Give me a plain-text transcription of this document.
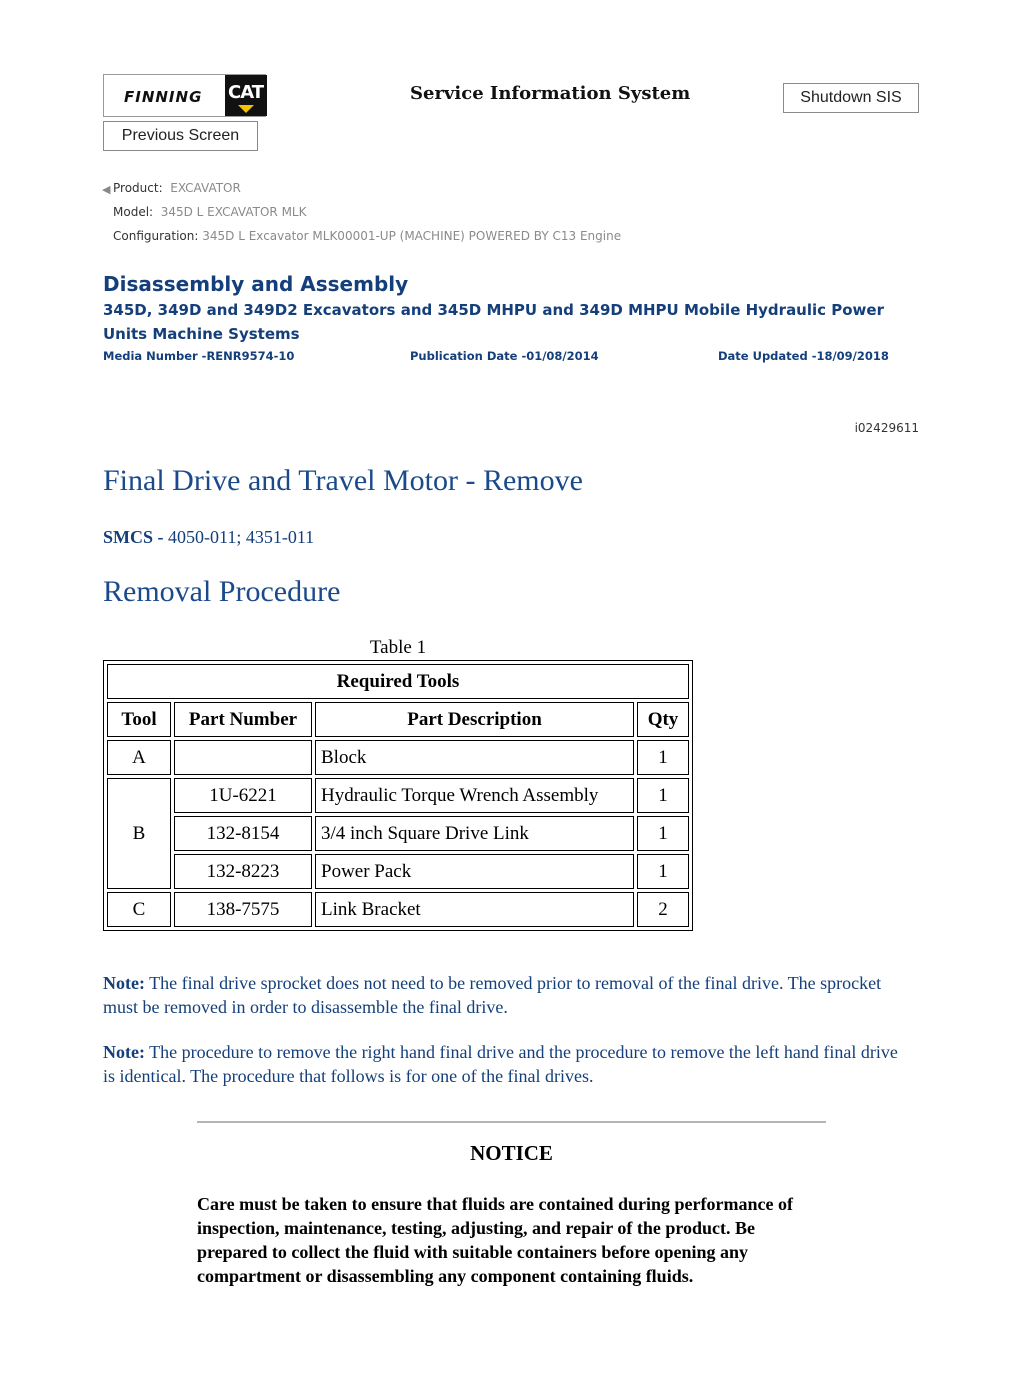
FINNING CAT	Service Information System	Shutdown SIS
Previous Screen
◀ Product: EXCAVATOR
Model: 345D L EXCAVATOR MLK
Configuration: 345D L Excavator MLK00001-UP (MACHINE) POWERED BY C13 Engine
Disassembly and Assembly
345D, 349D and 349D2 Excavators and 345D MHPU and 349D MHPU Mobile Hydraulic Power Units Machine Systems
Media Number -RENR9574-10	Publication Date -01/08/2014	Date Updated -18/09/2018
i02429611
Final Drive and Travel Motor - Remove
SMCS - 4050-011; 4351-011
Removal Procedure
Table 1
Required Tools			
Tool	Part Number	Part Description	Qty
A		Block	1
B	1U-6221	Hydraulic Torque Wrench Assembly	1
	132-8154	3/4 inch Square Drive Link	1
	132-8223	Power Pack	1
C	138-7575	Link Bracket	2
Note: The final drive sprocket does not need to be removed prior to removal of the final drive. The sprocket must be removed in order to disassemble the final drive.
Note: The procedure to remove the right hand final drive and the procedure to remove the left hand final drive is identical. The procedure that follows is for one of the final drives.
NOTICE
Care must be taken to ensure that fluids are contained during performance of inspection, maintenance, testing, adjusting, and repair of the product. Be prepared to collect the fluid with suitable containers before opening any compartment or disassembling any component containing fluids.
